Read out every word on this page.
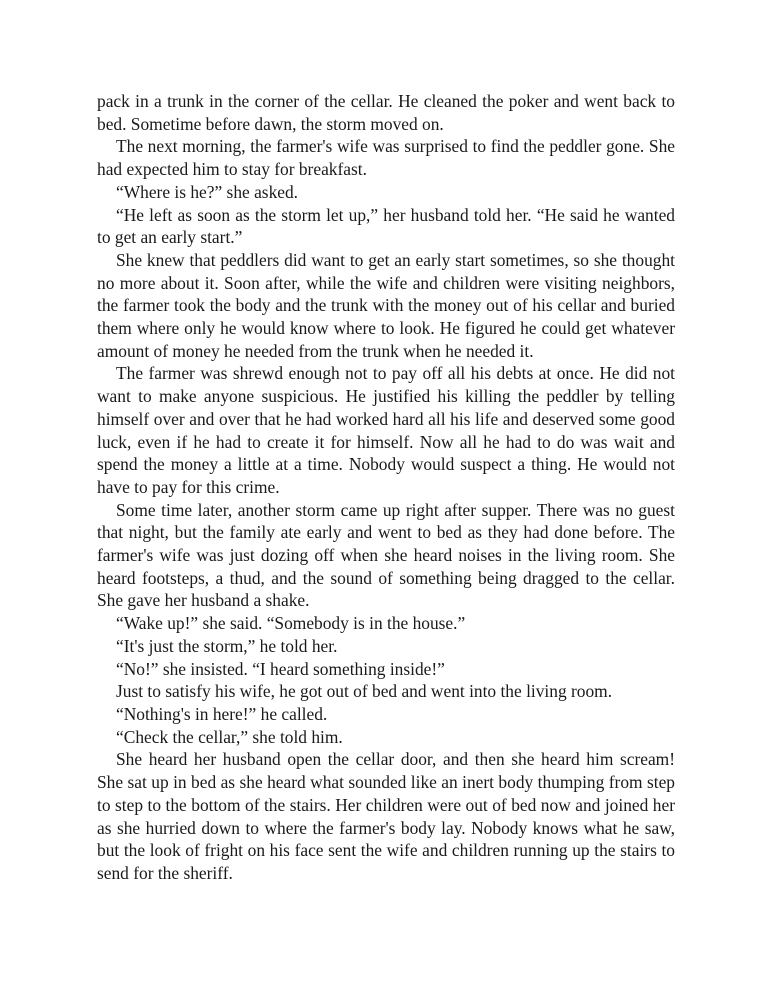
pack in a trunk in the corner of the cellar. He cleaned the poker and went back to bed. Sometime before dawn, the storm moved on.

The next morning, the farmer's wife was surprised to find the peddler gone. She had expected him to stay for breakfast.

“Where is he?” she asked.

“He left as soon as the storm let up,” her husband told her. “He said he wanted to get an early start.”

She knew that peddlers did want to get an early start sometimes, so she thought no more about it. Soon after, while the wife and children were visiting neighbors, the farmer took the body and the trunk with the money out of his cellar and buried them where only he would know where to look. He figured he could get whatever amount of money he needed from the trunk when he needed it.

The farmer was shrewd enough not to pay off all his debts at once. He did not want to make anyone suspicious. He justified his killing the peddler by telling himself over and over that he had worked hard all his life and deserved some good luck, even if he had to create it for himself. Now all he had to do was wait and spend the money a little at a time. Nobody would suspect a thing. He would not have to pay for this crime.

Some time later, another storm came up right after supper. There was no guest that night, but the family ate early and went to bed as they had done before. The farmer's wife was just dozing off when she heard noises in the living room. She heard footsteps, a thud, and the sound of something being dragged to the cellar. She gave her husband a shake.

“Wake up!” she said. “Somebody is in the house.”

“It's just the storm,” he told her.

“No!” she insisted. “I heard something inside!”

Just to satisfy his wife, he got out of bed and went into the living room.

“Nothing's in here!” he called.

“Check the cellar,” she told him.

She heard her husband open the cellar door, and then she heard him scream! She sat up in bed as she heard what sounded like an inert body thumping from step to step to the bottom of the stairs. Her children were out of bed now and joined her as she hurried down to where the farmer's body lay. Nobody knows what he saw, but the look of fright on his face sent the wife and children running up the stairs to send for the sheriff.
